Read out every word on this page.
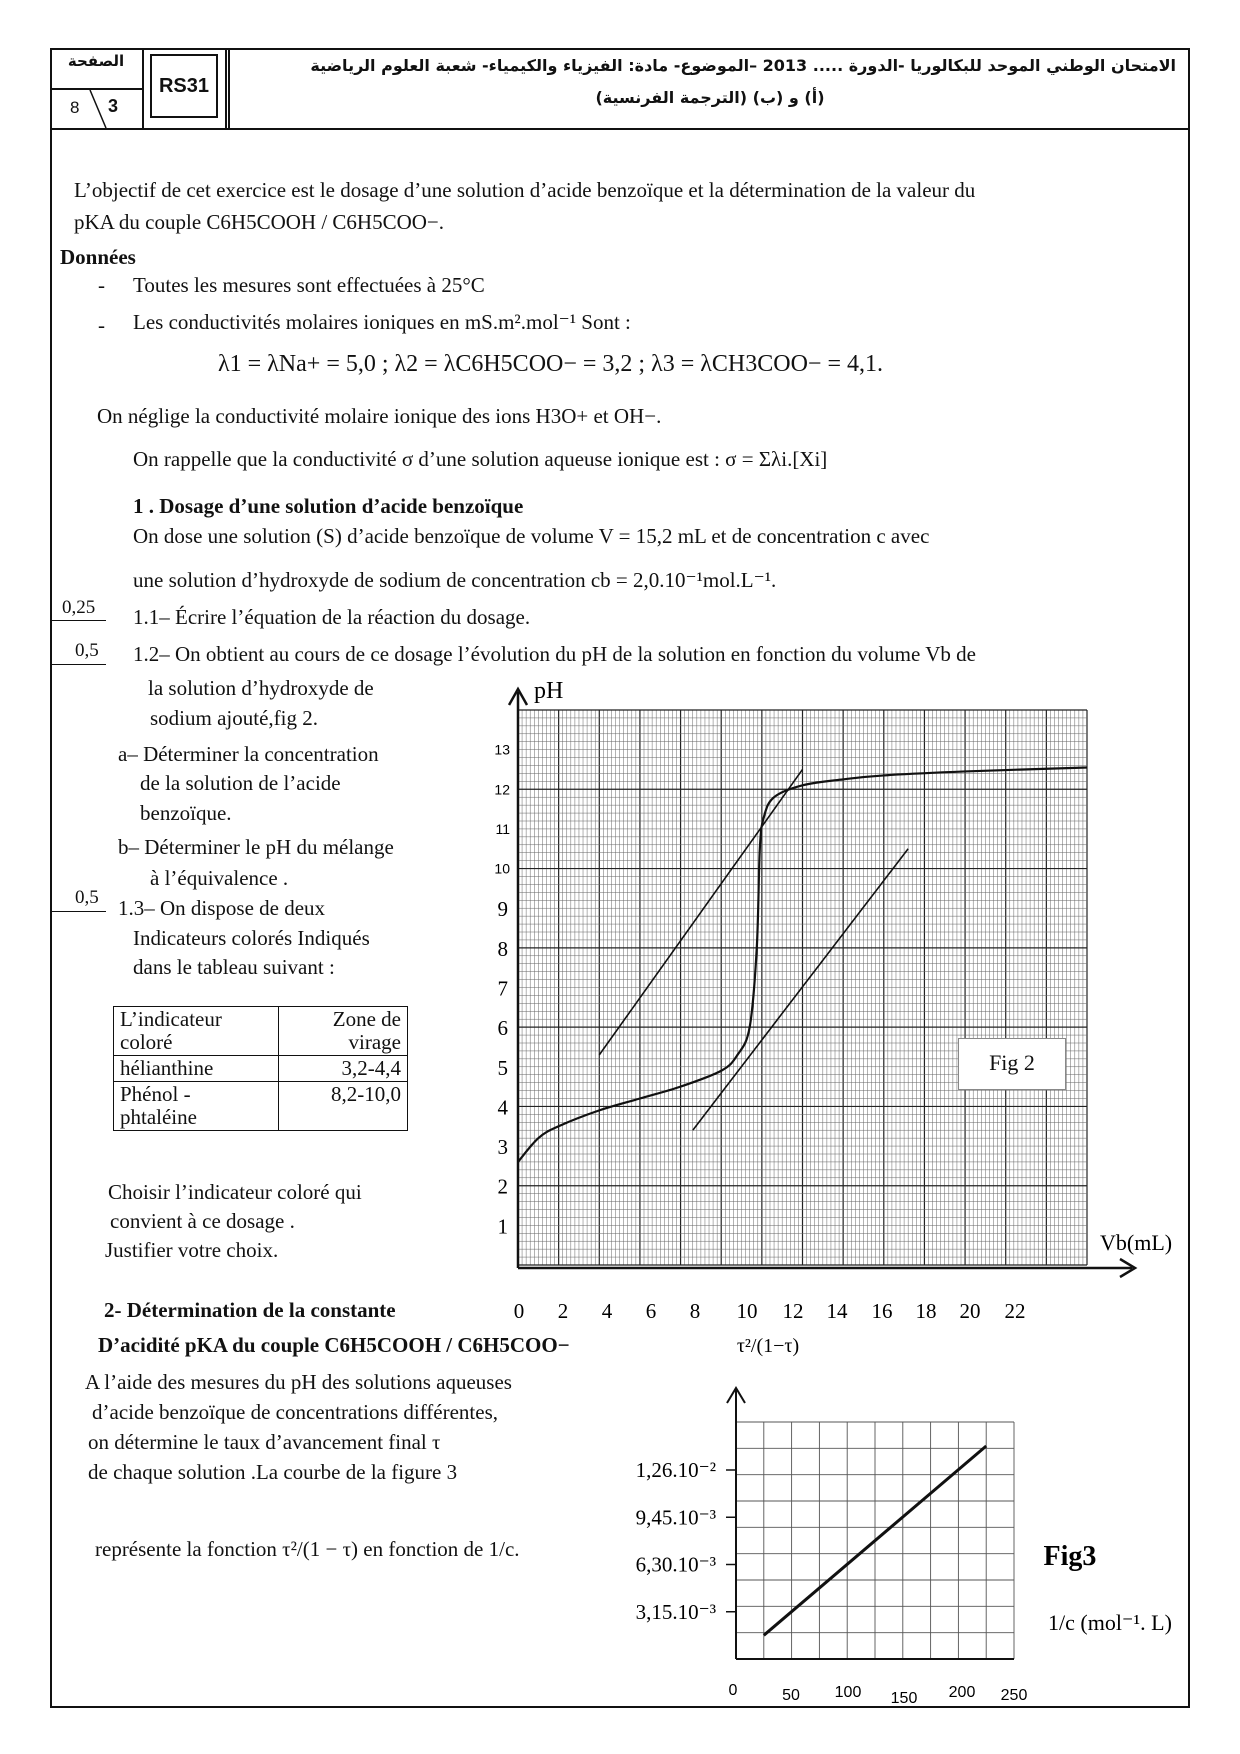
الصفحة
8 3
RS31
الامتحان الوطني الموحد للبكالوريا -الدورة ..... 2013 –الموضوع- مادة: الفيزياء والكيمياء- شعبة العلوم الرياضية
(أ) و (ب) (الترجمة الفرنسية)
L’objectif de cet exercice est le dosage d’une solution d’acide benzoïque et la détermination de la valeur du
pKA du couple C6H5COOH / C6H5COO−.
Données
- Toutes les mesures sont effectuées à 25°C
- Les conductivités molaires ioniques en mS.m².mol⁻¹ Sont :
λ1 = λNa+ = 5,0 ; λ2 = λC6H5COO− = 3,2 ; λ3 = λCH3COO− = 4,1.
On néglige la conductivité molaire ionique des ions H3O+ et OH−.
On rappelle que la conductivité σ d’une solution aqueuse ionique est : σ = Σλi.[Xi]
1 . Dosage d’une solution d’acide benzoïque
On dose une solution (S) d’acide benzoïque de volume V = 15,2 mL et de concentration c avec
une solution d’hydroxyde de sodium de concentration cb = 2,0.10⁻¹mol.L⁻¹.
0,25 1.1– Écrire l’équation de la réaction du dosage.
0,5 1.2– On obtient au cours de ce dosage l’évolution du pH de la solution en fonction du volume Vb de
la solution d’hydroxyde de
sodium ajouté,fig 2.
a– Déterminer la concentration
de la solution de l’acide
benzoïque.
b– Déterminer le pH du mélange
à l’équivalence .
0,5 1.3– On dispose de deux
Indicateurs colorés Indiqués
dans le tableau suivant :
L’indicateur coloré	Zone de virage
hélianthine	3,2-4,4
Phénol - phtaléine	8,2-10,0
Choisir l’indicateur coloré qui
convient à ce dosage .
Justifier votre choix.
2- Détermination de la constante
D’acidité pKA du couple C6H5COOH / C6H5COO−
A l’aide des mesures du pH des solutions aqueuses
d’acide benzoïque de concentrations différentes,
on détermine le taux d’avancement final τ
de chaque solution .La courbe de la figure 3
représente la fonction τ²/(1 − τ) en fonction de 1/c.
pH
Vb(mL)
0 2 4 6 8 10 12 14 16 18 20 22
1
2
3
4
5
6
7
8
9
10
11
12
13
Fig 2
τ²/(1−τ)
1/c (mol⁻¹. L)
Fig3
0	50 100 150 200 250
3,15.10⁻³
6,30.10⁻³
9,45.10⁻³
1,26.10⁻²
